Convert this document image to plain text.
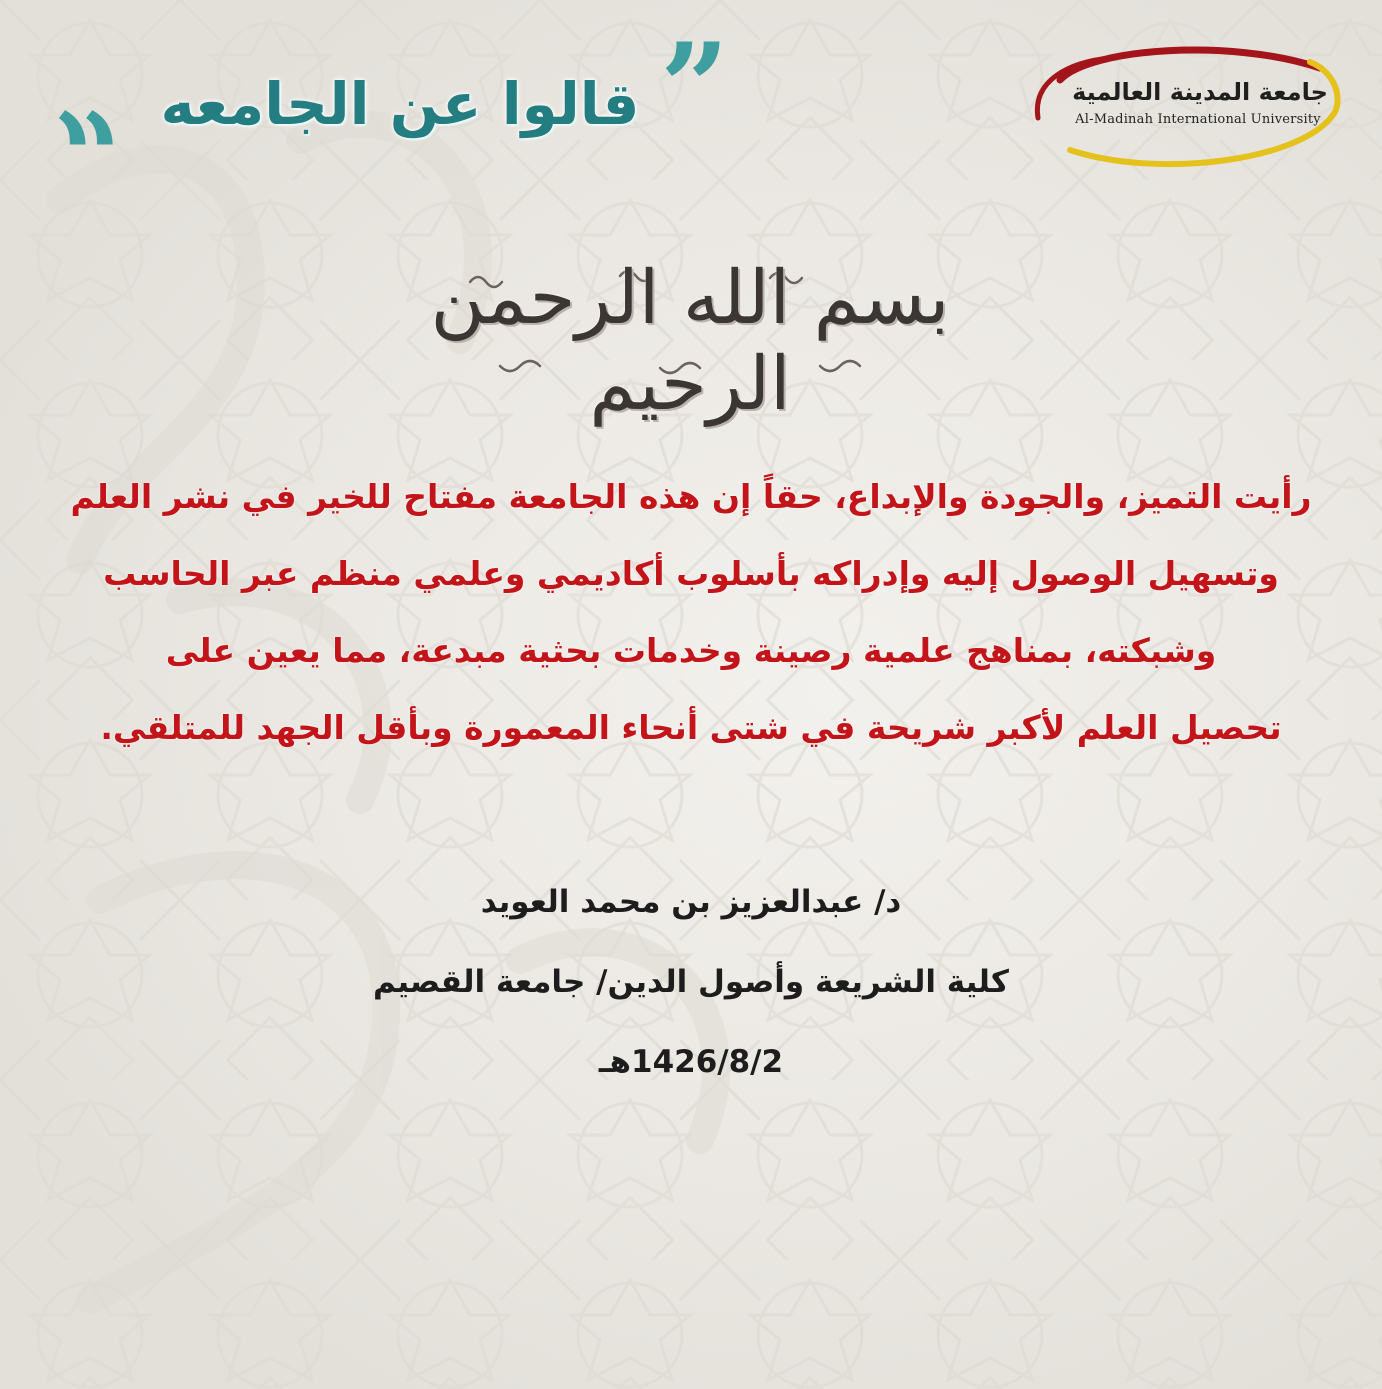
”
قالوا عن الجامعه
“	جامعة المدينة العالمية
Al-Madinah International University
بسم الله الرحمن الرحيم
رأيت التميز، والجودة والإبداع، حقاً إن هذه الجامعة مفتاح للخير في نشر العلم
وتسهيل الوصول إليه وإدراكه بأسلوب أكاديمي وعلمي منظم عبر الحاسب
وشبكته، بمناهج علمية رصينة وخدمات بحثية مبدعة، مما يعين على
تحصيل العلم لأكبر شريحة في شتى أنحاء المعمورة وبأقل الجهد للمتلقي.
د/ عبدالعزيز بن محمد العويد
كلية الشريعة وأصول الدين/ جامعة القصيم
1426/8/2هـ
